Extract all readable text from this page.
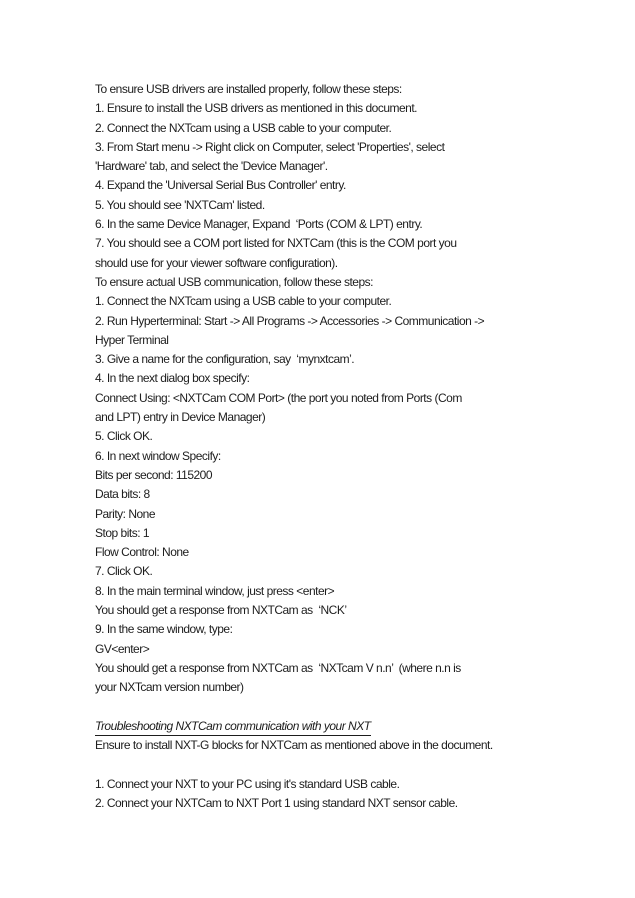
To ensure USB drivers are installed properly, follow these steps:
1. Ensure to install the USB drivers as mentioned in this document.
2. Connect the NXTcam using a USB cable to your computer.
3. From Start menu -> Right click on Computer, select 'Properties', select
'Hardware' tab, and select the 'Device Manager'.
4. Expand the 'Universal Serial Bus Controller' entry.
5. You should see 'NXTCam' listed.
6. In the same Device Manager, Expand  ‘Ports (COM & LPT) entry.
7. You should see a COM port listed for NXTCam (this is the COM port you
should use for your viewer software configuration).
To ensure actual USB communication, follow these steps:
1. Connect the NXTcam using a USB cable to your computer.
2. Run Hyperterminal: Start -> All Programs -> Accessories -> Communication ->
Hyper Terminal
3. Give a name for the configuration, say  ‘mynxtcam’.
4. In the next dialog box specify:
Connect Using: <NXTCam COM Port> (the port you noted from Ports (Com
and LPT) entry in Device Manager)
5. Click OK.
6. In next window Specify:
Bits per second: 115200
Data bits: 8
Parity: None
Stop bits: 1
Flow Control: None
7. Click OK.
8. In the main terminal window, just press <enter>
You should get a response from NXTCam as  ‘NCK’
9. In the same window, type:
GV<enter>
You should get a response from NXTCam as  ‘NXTcam V n.n’  (where n.n is
your NXTcam version number)
Troubleshooting NXTCam communication with your NXT
Ensure to install NXT-G blocks for NXTCam as mentioned above in the document.
1. Connect your NXT to your PC using it's standard USB cable.
2. Connect your NXTCam to NXT Port 1 using standard NXT sensor cable.
